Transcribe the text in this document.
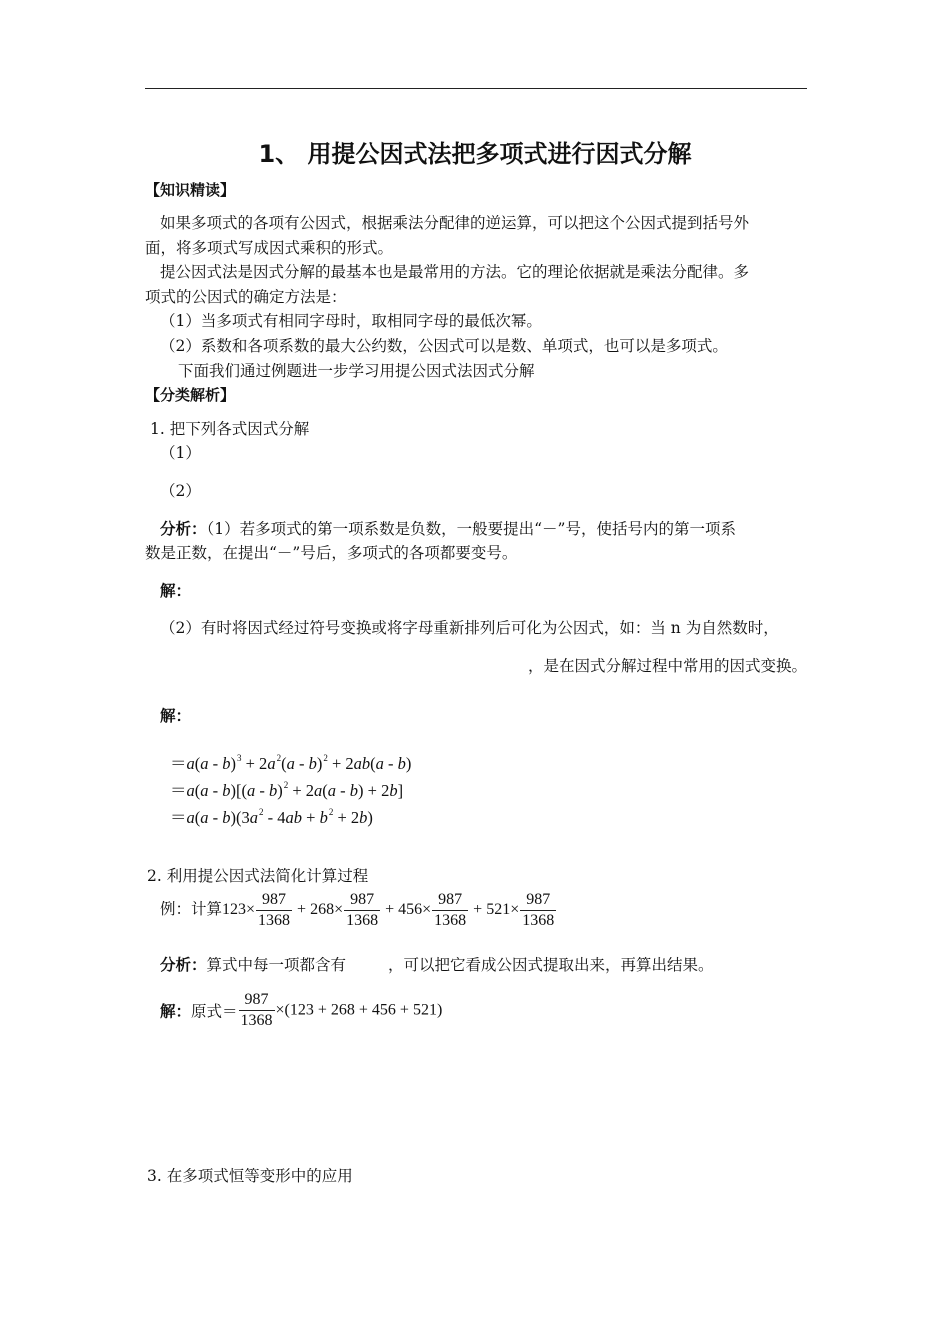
1、 用提公因式法把多项式进行因式分解
【知识精读】
如果多项式的各项有公因式，根据乘法分配律的逆运算，可以把这个公因式提到括号外
面，将多项式写成因式乘积的形式。
提公因式法是因式分解的最基本也是最常用的方法。它的理论依据就是乘法分配律。多
项式的公因式的确定方法是：
（1）当多项式有相同字母时，取相同字母的最低次幂。
（2）系数和各项系数的最大公约数，公因式可以是数、单项式，也可以是多项式。
下面我们通过例题进一步学习用提公因式法因式分解
【分类解析】
1. 把下列各式因式分解
（1）
（2）
分析：（1）若多项式的第一项系数是负数，一般要提出“－”号，使括号内的第一项系
数是正数，在提出“－”号后，多项式的各项都要变号。
解：
（2）有时将因式经过符号变换或将字母重新排列后可化为公因式，如：当 n 为自然数时，
，是在因式分解过程中常用的因式变换。
解：
$=a(a - b)^3 + 2a^2(a - b)^2 + 2ab(a - b)$
＝a(a - b)[(a - b)$^2$ + 2a(a - b) + 2b]
$=a(a - b)(3a^2 - 4ab + b^2 + 2b)$
2. 利用提公因式法简化计算过程
例：计算$123\times \frac{987}{1368} + 268\times \frac{987}{1368} + 456\times \frac{987}{1368} + 521\times \frac{987}{1368}$
分析：算式中每一项都含有	，可以把它看成公因式提取出来，再算出结果。
解：原式＝ $\frac{987}{1368} \times(123 + 268 + 456 + 521)$
3. 在多项式恒等变形中的应用
